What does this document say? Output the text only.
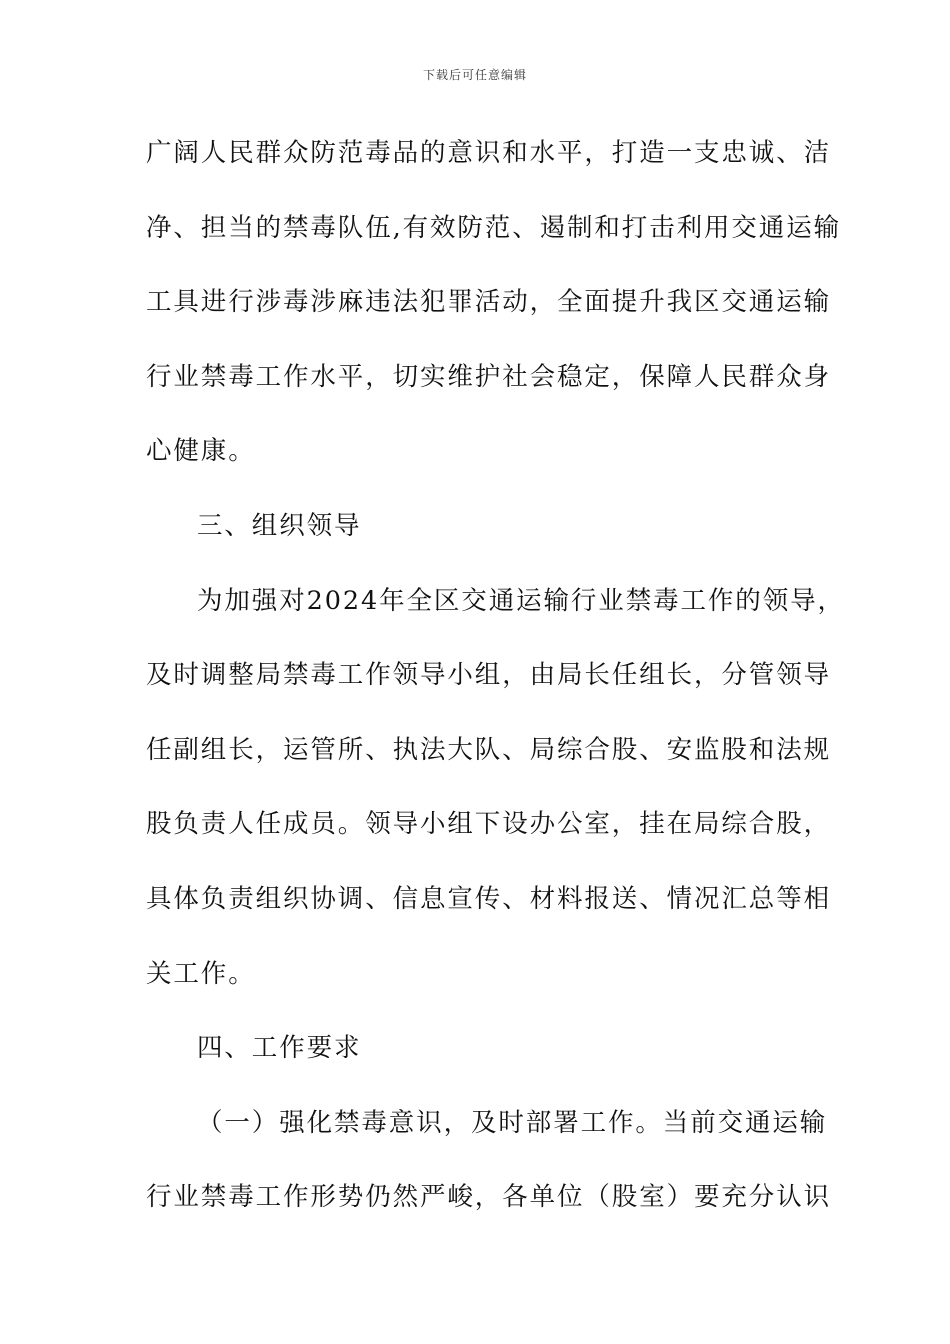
下载后可任意编辑
广阔人民群众防范毒品的意识和水平，打造一支忠诚、洁
净、担当的禁毒队伍,有效防范、遏制和打击利用交通运输
工具进行涉毒涉麻违法犯罪活动，全面提升我区交通运输
行业禁毒工作水平，切实维护社会稳定，保障人民群众身
心健康。
三、组织领导
为加强对2024年全区交通运输行业禁毒工作的领导，
及时调整局禁毒工作领导小组，由局长任组长，分管领导
任副组长，运管所、执法大队、局综合股、安监股和法规
股负责人任成员。领导小组下设办公室，挂在局综合股，
具体负责组织协调、信息宣传、材料报送、情况汇总等相
关工作。
四、工作要求
（一）强化禁毒意识，及时部署工作。当前交通运输
行业禁毒工作形势仍然严峻，各单位（股室）要充分认识
